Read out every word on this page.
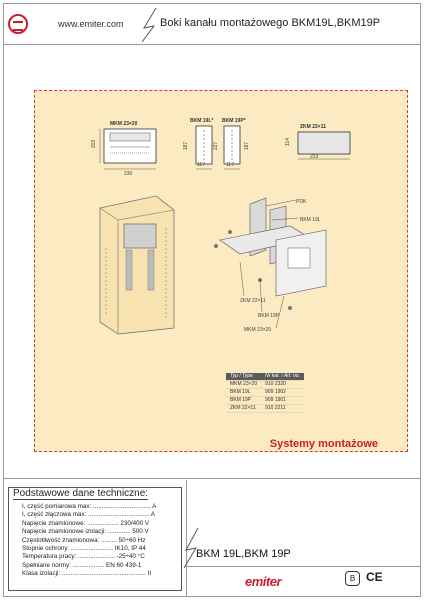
www.emiter.com	Boki kanału montażowego BKM19L,BKM19P
MKM 23×20
203
230
BKM 19L* BKM 19P*
187	227	187
117	117
ZKM 22×11
114
223
PDK
BKM 19L
ZKM 22×11
BKM 19P
MKM 23×20
Typ / Type	Nr kat. / Art. no.
MKM 23×20	910 2320
BKM 19L	909 1902
BKM 19P	909 1901
ZKM 22×11	910 2211
Systemy montażowe
Podstawowe dane techniczne:
I, część pomiarowa max: ................................. A
I, część złączowa max: ................................... A
Napięcie znamionowe: .................. 230/400 V
Napięcie znamionowe izolacji: ............. 500 V
Częstotliwość znamionowa: ......... 50÷60 Hz
Stopnie ochrony: ........................ IK10, IP 44
Temperatura pracy: ..................... -25÷40 °C
Spełniane normy: .................. EN 60 439-1
Klasa izolacji: ................................................ II
BKM 19L,BKM 19P
emiter	B CE
